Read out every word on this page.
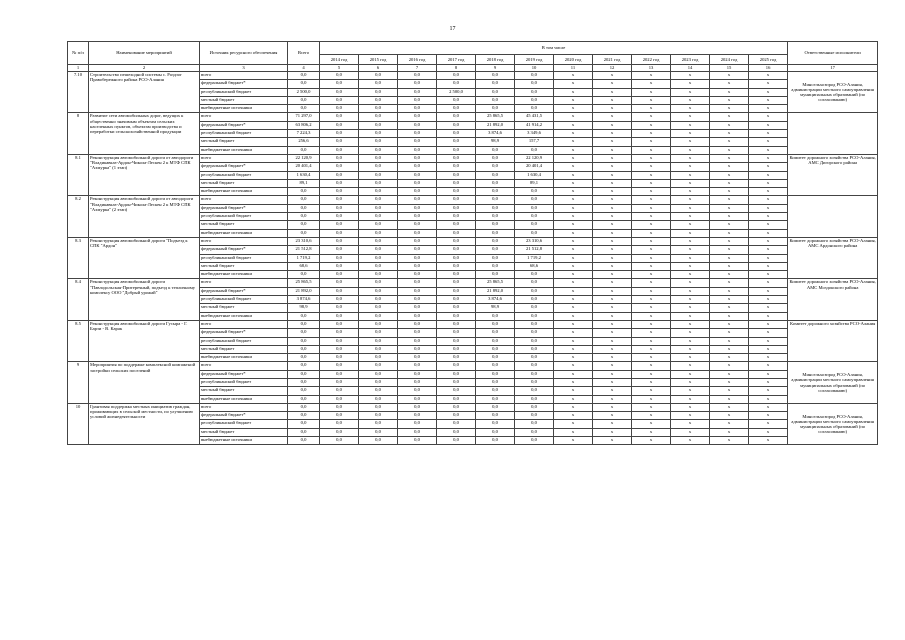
17
№ п/п	Наименование мероприятий	Источник ресурсного обеспечения	Всего	В том числе												Ответственные исполнители
				2014 год	2015 год	2016 год	2017 год	2018 год	2019 год	2020 год	2021 год	2022 год	2023 год	2024 год	2025 год	
1	2	3	4	5	6	7	8	9	10	11	12	13	14	15	16	17
7.10	Строительство пешеходной системы с. Раздзог Правобережного района РСО-Алания	всего	0,0	0,0	0,0	0,0	0,0	0,0	0,0	х	х	х	х	х	х	Минсельхозпрод РСО-Алания, администрации местного самоуправления муниципальных образований (по согласованию)
		федеральный бюджет*	0,0	0,0	0,0	0,0	0,0	0,0	0,0	х	х	х	х	х	х	
		республиканский бюджет	2 500,0	0,0	0,0	0,0	2 500,0	0,0	0,0	х	х	х	х	х	х	
		местный бюджет	0,0	0,0	0,0	0,0	0,0	0,0	0,0	х	х	х	х	х	х	
		внебюджетные источники	0,0	0,0	0,0	0,0	0,0	0,0	0,0	х	х	х	х	х	х	
8	Развитие сети автомобильных дорог, ведущих к общественно значимым объектам сельских населенных пунктов, объектам производства и переработки сельскохозяйственной продукции	всего	71 297,0	0,0	0,0	0,0	0,0	25 865,5	45 431,5	х	х	х	х	х	х	
		федеральный бюджет*	63 806,2	0,0	0,0	0,0	0,0	21 892,0	41 914,2	х	х	х	х	х	х	
		республиканский бюджет	7 224,3	0,0	0,0	0,0	0,0	3 874,6	3 349,6	х	х	х	х	х	х	
		местный бюджет	256,6	0,0	0,0	0,0	0,0	98,9	157,7	х	х	х	х	х	х	
		внебюджетные источники	0,0	0,0	0,0	0,0	0,0	0,0	0,0	х	х	х	х	х	х	
8.1	Реконструкция автомобильной дороги от автодороги "Владикавказ-Ардон-Чикола-Лескен 2 к МТФ СПК "Ахмурка" (1 этап)	всего	22 120,9	0,0	0,0	0,0	0,0	0,0	22 120,9	х	х	х	х	х	х	Комитет дорожного хозяйства РСО-Алания, АМС Дигорского района
		федеральный бюджет*	20 401,4	0,0	0,0	0,0	0,0	0,0	20 401,4	х	х	х	х	х	х	
		республиканский бюджет	1 630,4	0,0	0,0	0,0	0,0	0,0	1 630,4	х	х	х	х	х	х	
		местный бюджет	89,1	0,0	0,0	0,0	0,0	0,0	89,1	х	х	х	х	х	х	
		внебюджетные источники	0,0	0,0	0,0	0,0	0,0	0,0	0,0	х	х	х	х	х	х	
8.2	Реконструкция автомобильной дороги от автодороги "Владикавказ-Ардон-Чикола-Лескен 2 к МТФ СПК "Ахмурка" (2 этап)	всего	0,0	0,0	0,0	0,0	0,0	0,0	0,0	х	х	х	х	х	х	
		федеральный бюджет*	0,0	0,0	0,0	0,0	0,0	0,0	0,0	х	х	х	х	х	х	
		республиканский бюджет	0,0	0,0	0,0	0,0	0,0	0,0	0,0	х	х	х	х	х	х	
		местный бюджет	0,0	0,0	0,0	0,0	0,0	0,0	0,0	х	х	х	х	х	х	
		внебюджетные источники	0,0	0,0	0,0	0,0	0,0	0,0	0,0	х	х	х	х	х	х	
8.3	Реконструкция автомобильной дороги "Подъезд к СПК "Ардон"	всего	23 310,6	0,0	0,0	0,0	0,0	0,0	23 310,6	х	х	х	х	х	х	Комитет дорожного хозяйства РСО-Алания, АМС Ардонского района
		федеральный бюджет*	21 512,8	0,0	0,0	0,0	0,0	0,0	21 512,8	х	х	х	х	х	х	
		республиканский бюджет	1 719,2	0,0	0,0	0,0	0,0	0,0	1 719,2	х	х	х	х	х	х	
		местный бюджет	68,6	0,0	0,0	0,0	0,0	0,0	68,6	х	х	х	х	х	х	
		внебюджетные источники	0,0	0,0	0,0	0,0	0,0	0,0	0,0	х	х	х	х	х	х	
8.4	Реконструкция автомобильной дороги "Павлодольская-Притеречный, подъезд к тепличному комплексу ООО "Добрый урожай"	всего	25 865,5	0,0	0,0	0,0	0,0	25 865,5	0,0	х	х	х	х	х	х	Комитет дорожного хозяйства РСО-Алания, АМС Моздокского района
		федеральный бюджет*	21 892,0	0,0	0,0	0,0	0,0	21 892,0	0,0	х	х	х	х	х	х	
		республиканский бюджет	3 874,6	0,0	0,0	0,0	0,0	3 874,6	0,0	х	х	х	х	х	х	
		местный бюджет	98,9	0,0	0,0	0,0	0,0	98,9	0,0	х	х	х	х	х	х	
		внебюджетные источники	0,0	0,0	0,0	0,0	0,0	0,0	0,0	х	х	х	х	х	х	
8.5	Реконструкция автомобильной дороги Гусыра - Г. Барзи - В. Карак	всего	0,0	0,0	0,0	0,0	0,0	0,0	0,0	х	х	х	х	х	х	Комитет дорожного хозяйства РСО-Алания
		федеральный бюджет*	0,0	0,0	0,0	0,0	0,0	0,0	0,0	х	х	х	х	х	х	
		республиканский бюджет	0,0	0,0	0,0	0,0	0,0	0,0	0,0	х	х	х	х	х	х	
		местный бюджет	0,0	0,0	0,0	0,0	0,0	0,0	0,0	х	х	х	х	х	х	
		внебюджетные источники	0,0	0,0	0,0	0,0	0,0	0,0	0,0	х	х	х	х	х	х	
9	Мероприятия по поддержке комплексной компактной застройки сельских поселений	всего	0,0	0,0	0,0	0,0	0,0	0,0	0,0	х	х	х	х	х	х	Минсельхозпрод РСО-Алания, администрации местного самоуправления муниципальных образований (по согласованию)
		федеральный бюджет*	0,0	0,0	0,0	0,0	0,0	0,0	0,0	х	х	х	х	х	х	
		республиканский бюджет	0,0	0,0	0,0	0,0	0,0	0,0	0,0	х	х	х	х	х	х	
		местный бюджет	0,0	0,0	0,0	0,0	0,0	0,0	0,0	х	х	х	х	х	х	
		внебюджетные источники	0,0	0,0	0,0	0,0	0,0	0,0	0,0	х	х	х	х	х	х	
10	Грантовая поддержка местных инициатив граждан, проживающих в сельской местности, по улучшению условий жизнедеятельности	всего	0,0	0,0	0,0	0,0	0,0	0,0	0,0	х	х	х	х	х	х	Минсельхозпрод РСО-Алания, администрации местного самоуправления муниципальных образований (по согласованию)
		федеральный бюджет*	0,0	0,0	0,0	0,0	0,0	0,0	0,0	х	х	х	х	х	х	
		республиканский бюджет	0,0	0,0	0,0	0,0	0,0	0,0	0,0	х	х	х	х	х	х	
		местный бюджет	0,0	0,0	0,0	0,0	0,0	0,0	0,0	х	х	х	х	х	х	
		внебюджетные источники	0,0	0,0	0,0	0,0	0,0	0,0	0,0	х	х	х	х	х	х	
